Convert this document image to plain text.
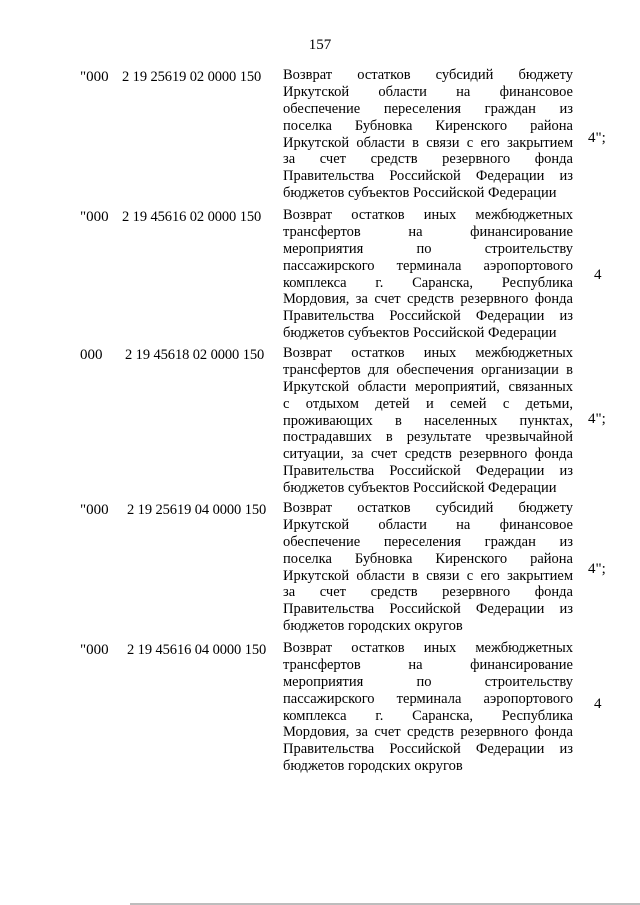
157
"000 2 19 25619 02 0000 150 Возврат остатков субсидий бюджету
Иркутской области на финансовое
обеспечение переселения граждан из
поселка Бубновка Киренского района
Иркутской области в связи с его закрытием
за счет средств резервного фонда
Правительства Российской Федерации из
бюджетов субъектов Российской Федерации
4";
"000 2 19 45616 02 0000 150 Возврат остатков иных межбюджетных
трансфертов на финансирование
мероприятия по строительству
пассажирского терминала аэропортового
комплекса г. Саранска, Республика
Мордовия, за счет средств резервного фонда
Правительства Российской Федерации из
бюджетов субъектов Российской Федерации
4
000 2 19 45618 02 0000 150 Возврат остатков иных межбюджетных
трансфертов для обеспечения организации в
Иркутской области мероприятий, связанных
с отдыхом детей и семей с детьми,
проживающих в населенных пунктах,
пострадавших в результате чрезвычайной
ситуации, за счет средств резервного фонда
Правительства Российской Федерации из
бюджетов субъектов Российской Федерации
4";
"000 2 19 25619 04 0000 150 Возврат остатков субсидий бюджету
Иркутской области на финансовое
обеспечение переселения граждан из
поселка Бубновка Киренского района
Иркутской области в связи с его закрытием
за счет средств резервного фонда
Правительства Российской Федерации из
бюджетов городских округов
4";
"000 2 19 45616 04 0000 150 Возврат остатков иных межбюджетных
трансфертов на финансирование
мероприятия по строительству
пассажирского терминала аэропортового
комплекса г. Саранска, Республика
Мордовия, за счет средств резервного фонда
Правительства Российской Федерации из
бюджетов городских округов
4
